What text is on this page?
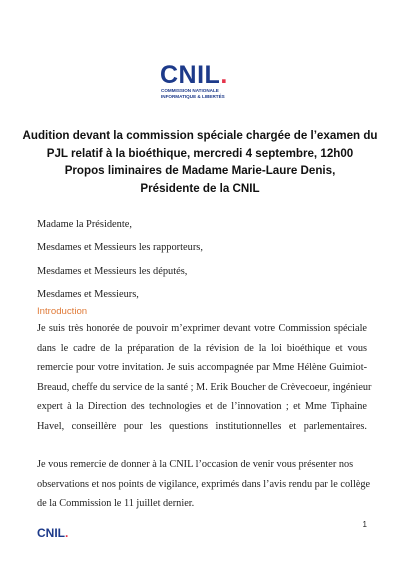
CNIL.
COMMISSION NATIONALE
INFORMATIQUE & LIBERTÉS
Audition devant la commission spéciale chargée de l’examen du
PJL relatif à la bioéthique, mercredi 4 septembre, 12h00
Propos liminaires de Madame Marie-Laure Denis,
Présidente de la CNIL
Madame la Présidente,
Mesdames et Messieurs les rapporteurs,
Mesdames et Messieurs les députés,
Mesdames et Messieurs,
Introduction
Je suis très honorée de pouvoir m’exprimer devant votre Commission spéciale
dans le cadre de la préparation de la révision de la loi bioéthique et vous
remercie pour votre invitation. Je suis accompagnée par Mme Hélène Guimiot-
Breaud, cheffe du service de la santé ; M. Erik Boucher de Crèvecoeur, ingénieur
expert à la Direction des technologies et de l’innovation ; et Mme Tiphaine
Havel, conseillère pour les questions institutionnelles et parlementaires.
Je vous remercie de donner à la CNIL l’occasion de venir vous présenter nos
observations et nos points de vigilance, exprimés dans l’avis rendu par le collège
de la Commission le 11 juillet dernier.
CNIL.
1
